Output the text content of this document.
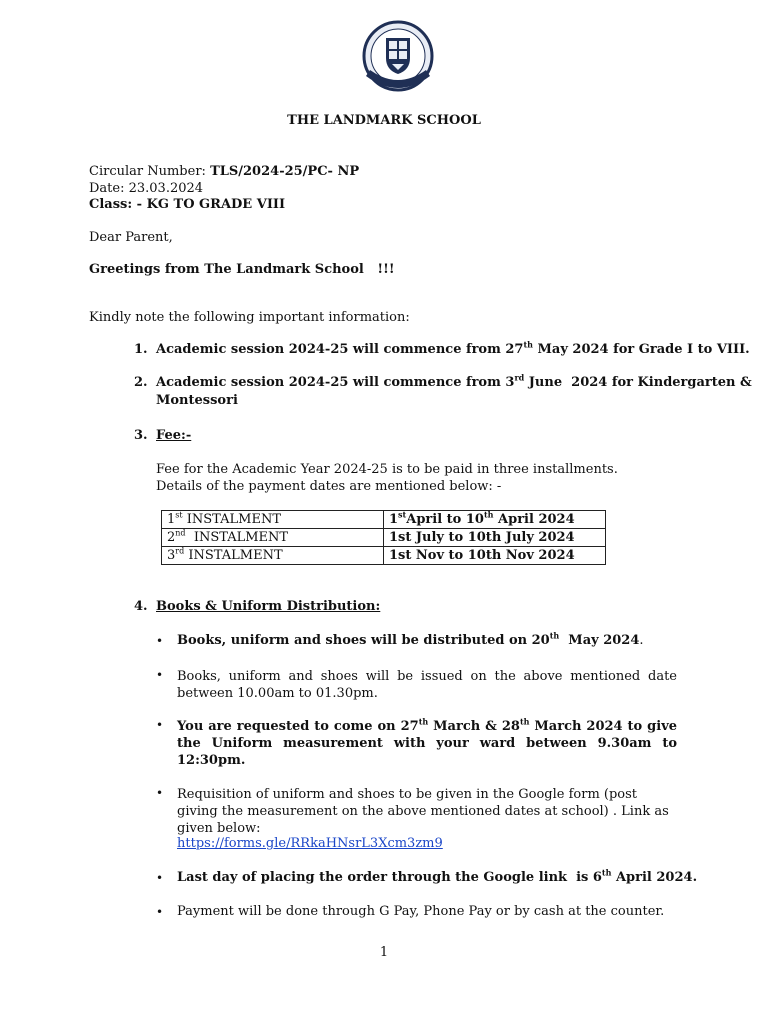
THE LANDMARK SCHOOL
Circular Number: TLS/2024-25/PC- NP
Date: 23.03.2024
Class: - KG TO GRADE VIII
Dear Parent,
Greetings from The Landmark School   !!!
Kindly note the following important information:
1. Academic session 2024-25 will commence from 27th May 2024 for Grade I to VIII.
2. Academic session 2024-25 will commence from 3rd June  2024 for Kindergarten &
Montessori
3. Fee:-
Fee for the Academic Year 2024-25 is to be paid in three installments. Details of the payment dates are mentioned below: -
1st INSTALMENT	1stApril to 10th April 2024
2nd  INSTALMENT	1st July to 10th July 2024
3rd INSTALMENT	1st Nov to 10th Nov 2024
4. Books & Uniform Distribution:
• Books, uniform and shoes will be distributed on 20th  May 2024.
• Books, uniform and shoes will be issued on the above mentioned date between 10.00am to 01.30pm.
• You are requested to come on 27th March & 28th March 2024 to give the Uniform measurement with your ward between 9.30am to 12:30pm.
• Requisition of uniform and shoes to be given in the Google form (post giving the measurement on the above mentioned dates at school) . Link as given below:
https://forms.gle/RRkaHNsrL3Xcm3zm9
• Last day of placing the order through the Google link  is 6th April 2024.
• Payment will be done through G Pay, Phone Pay or by cash at the counter.
1
